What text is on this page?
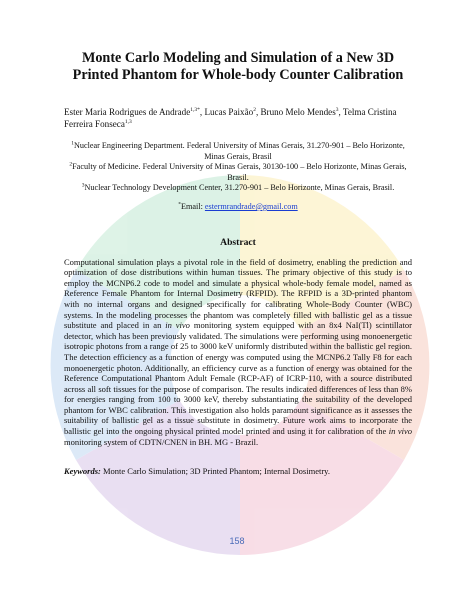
Monte Carlo Modeling and Simulation of a New 3D Printed Phantom for Whole-body Counter Calibration

Ester Maria Rodrigues de Andrade$^{1,3*}$, Lucas Paixão$^2$, Bruno Melo Mendes$^3$, Telma Cristina Ferreira Fonseca$^{1,3}$

$^1$Nuclear Engineering Department. Federal University of Minas Gerais, 31.270-901 – Belo Horizonte, Minas Gerais, Brasil

$^2$Faculty of Medicine. Federal University of Minas Gerais, 30130-100 – Belo Horizonte, Minas Gerais, Brasil.

$^3$Nuclear Technology Development Center, 31.270-901 – Belo Horizonte, Minas Gerais, Brasil.

*Email: estermrandrade@gmail.com

Abstract

Computational simulation plays a pivotal role in the field of dosimetry, enabling the prediction and optimization of dose distributions within human tissues. The primary objective of this study is to employ the MCNP6.2 code to model and simulate a physical whole-body female model, named as Reference Female Phantom for Internal Dosimetry (RFPID). The RFPID is a 3D-printed phantom with no internal organs and designed specifically for calibrating Whole-Body Counter (WBC) systems. In the modeling processes the phantom was completely filled with ballistic gel as a tissue substitute and placed in an in vivo monitoring system equipped with an 8x4 NaI(Tl) scintillator detector, which has been previously validated. The simulations were performing using monoenergetic isotropic photons from a range of 25 to 3000 keV uniformly distributed within the ballistic gel region. The detection efficiency as a function of energy was computed using the MCNP6.2 Tally F8 for each monoenergetic photon. Additionally, an efficiency curve as a function of energy was obtained for the Reference Computational Phantom Adult Female (RCP-AF) of ICRP-110, with a source distributed across all soft tissues for the purpose of comparison. The results indicated differences of less than 8% for energies ranging from 100 to 3000 keV, thereby substantiating the suitability of the developed phantom for WBC calibration. This investigation also holds paramount significance as it assesses the suitability of ballistic gel as a tissue substitute in dosimetry. Future work aims to incorporate the ballistic gel into the ongoing physical printed model printed and using it for calibration of the in vivo monitoring system of CDTN/CNEN in BH. MG - Brazil.

Keywords: Monte Carlo Simulation; 3D Printed Phantom; Internal Dosimetry.

158
